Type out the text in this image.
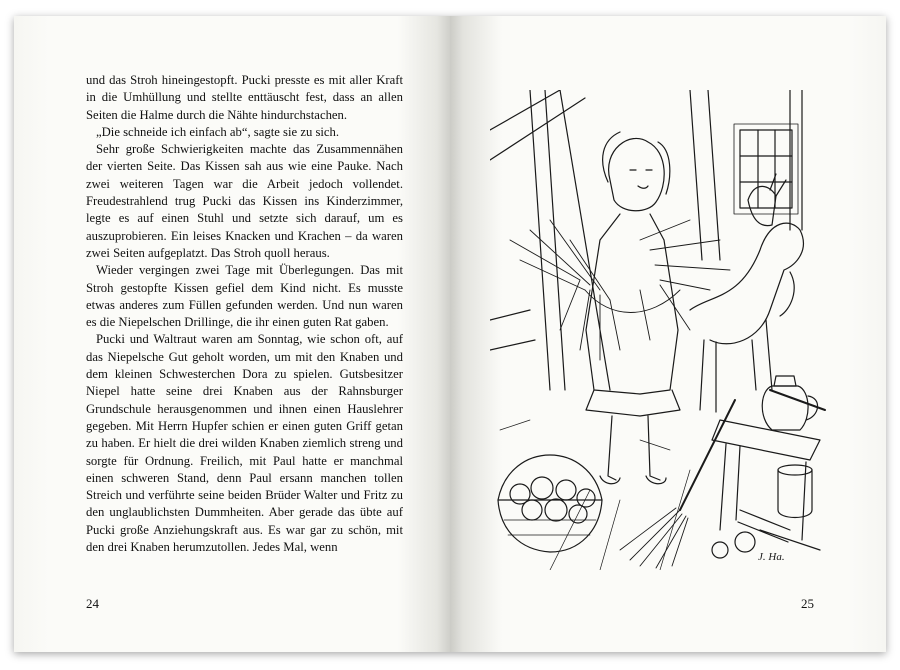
und das Stroh hineingestopft. Pucki presste es mit aller Kraft in die Umhüllung und stellte enttäuscht fest, dass an allen Seiten die Halme durch die Nähte hindurchstachen.

„Die schneide ich einfach ab“, sagte sie zu sich.

Sehr große Schwierigkeiten machte das Zusammennähen der vierten Seite. Das Kissen sah aus wie eine Pauke. Nach zwei weiteren Tagen war die Arbeit jedoch vollendet. Freudestrahlend trug Pucki das Kissen ins Kinderzimmer, legte es auf einen Stuhl und setzte sich darauf, um es auszuprobieren. Ein leises Knacken und Krachen – da waren zwei Seiten aufgeplatzt. Das Stroh quoll heraus.

Wieder vergingen zwei Tage mit Überlegungen. Das mit Stroh gestopfte Kissen gefiel dem Kind nicht. Es musste etwas anderes zum Füllen gefunden werden. Und nun waren es die Niepelschen Drillinge, die ihr einen guten Rat gaben.

Pucki und Waltraut waren am Sonntag, wie schon oft, auf das Niepelsche Gut geholt worden, um mit den Knaben und dem kleinen Schwesterchen Dora zu spielen. Gutsbesitzer Niepel hatte seine drei Knaben aus der Rahnsburger Grundschule herausgenommen und ihnen einen Hauslehrer gegeben. Mit Herrn Hupfer schien er einen guten Griff getan zu haben. Er hielt die drei wilden Knaben ziemlich streng und sorgte für Ordnung. Freilich, mit Paul hatte er manchmal einen schweren Stand, denn Paul ersann manchen tollen Streich und verführte seine beiden Brüder Walter und Fritz zu den unglaublichsten Dummheiten. Aber gerade das übte auf Pucki große Anziehungskraft aus. Es war gar zu schön, mit den drei Knaben herumzutollen. Jedes Mal, wenn

24
J. Ha.
25
